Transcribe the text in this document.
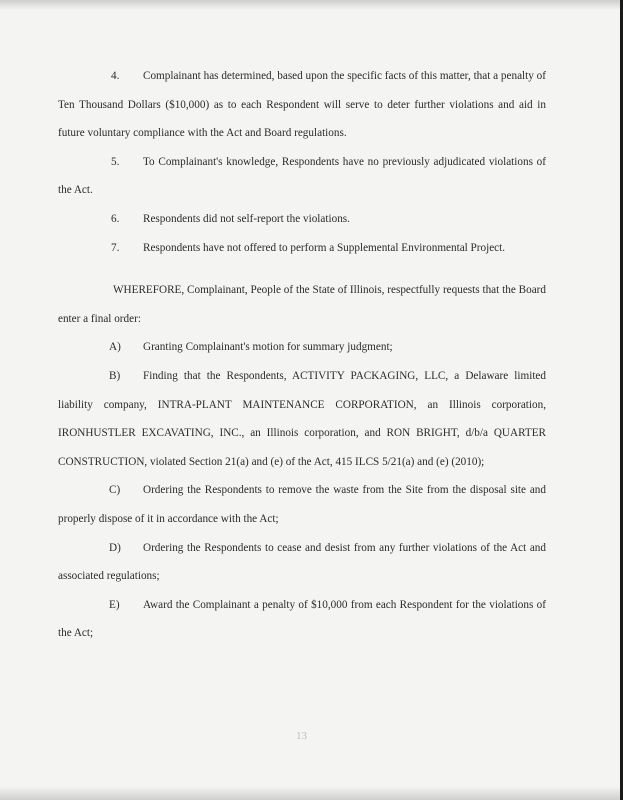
4. Complainant has determined, based upon the specific facts of this matter, that a penalty of Ten Thousand Dollars ($10,000) as to each Respondent will serve to deter further violations and aid in future voluntary compliance with the Act and Board regulations.

5. To Complainant's knowledge, Respondents have no previously adjudicated violations of the Act.

6. Respondents did not self-report the violations.

7. Respondents have not offered to perform a Supplemental Environmental Project.

WHEREFORE, Complainant, People of the State of Illinois, respectfully requests that the Board enter a final order:

A) Granting Complainant's motion for summary judgment;

B) Finding that the Respondents, ACTIVITY PACKAGING, LLC, a Delaware limited liability company, INTRA-PLANT MAINTENANCE CORPORATION, an Illinois corporation, IRONHUSTLER EXCAVATING, INC., an Illinois corporation, and RON BRIGHT, d/b/a QUARTER CONSTRUCTION, violated Section 21(a) and (e) of the Act, 415 ILCS 5/21(a) and (e) (2010);

C) Ordering the Respondents to remove the waste from the Site from the disposal site and properly dispose of it in accordance with the Act;

D) Ordering the Respondents to cease and desist from any further violations of the Act and associated regulations;

E) Award the Complainant a penalty of $10,000 from each Respondent for the violations of the Act;

13
